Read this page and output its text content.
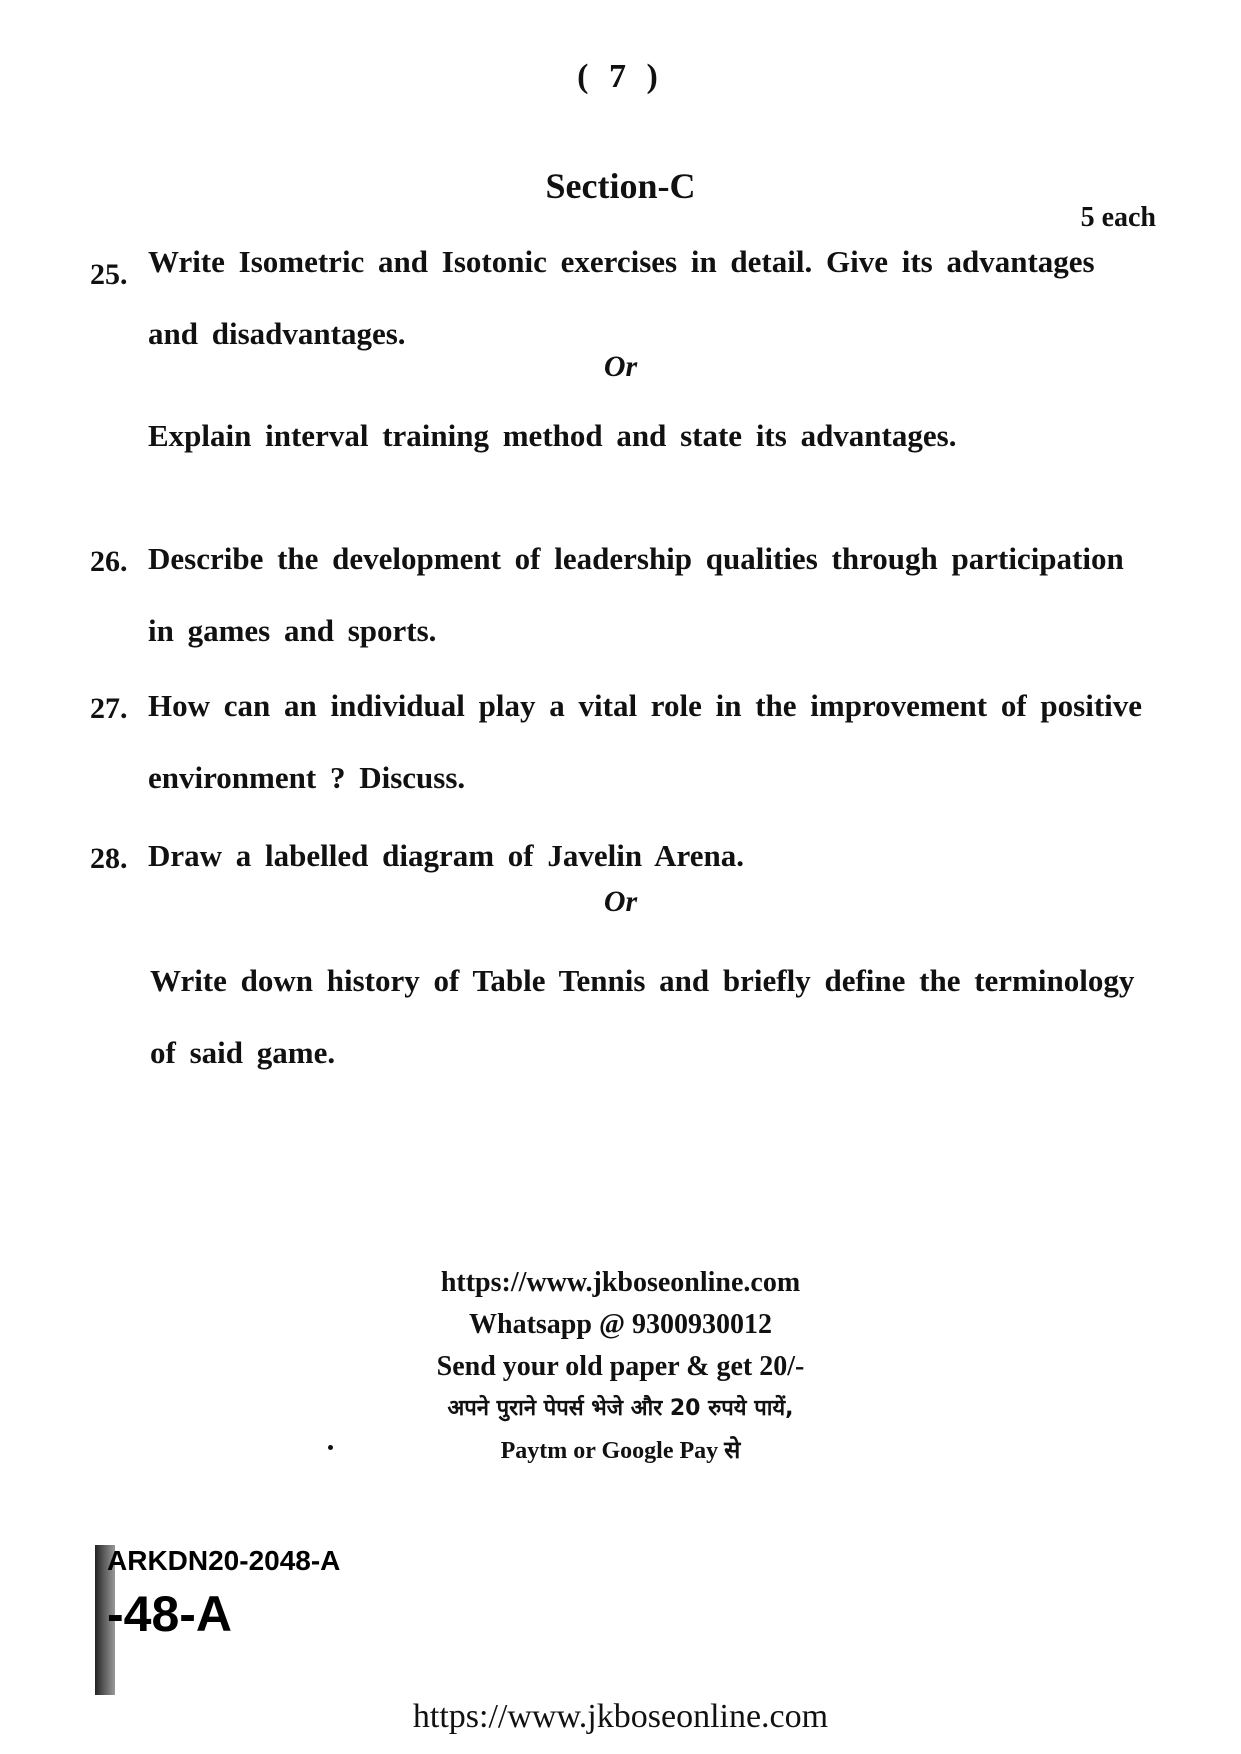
( 7 )
Section-C
5 each
25. Write Isometric and Isotonic exercises in detail. Give its advantages and disadvantages.
Or
Explain interval training method and state its advantages.
26. Describe the development of leadership qualities through participation in games and sports.
27. How can an individual play a vital role in the improvement of positive environment ? Discuss.
28. Draw a labelled diagram of Javelin Arena.
Or
Write down history of Table Tennis and briefly define the terminology of said game.
https://www.jkboseonline.com
Whatsapp @ 9300930012
Send your old paper & get 20/-
अपने पुराने पेपर्स भेजे और 20 रुपये पायें,
Paytm or Google Pay से
ARKDN20-2048-A
-48-A
https://www.jkboseonline.com
